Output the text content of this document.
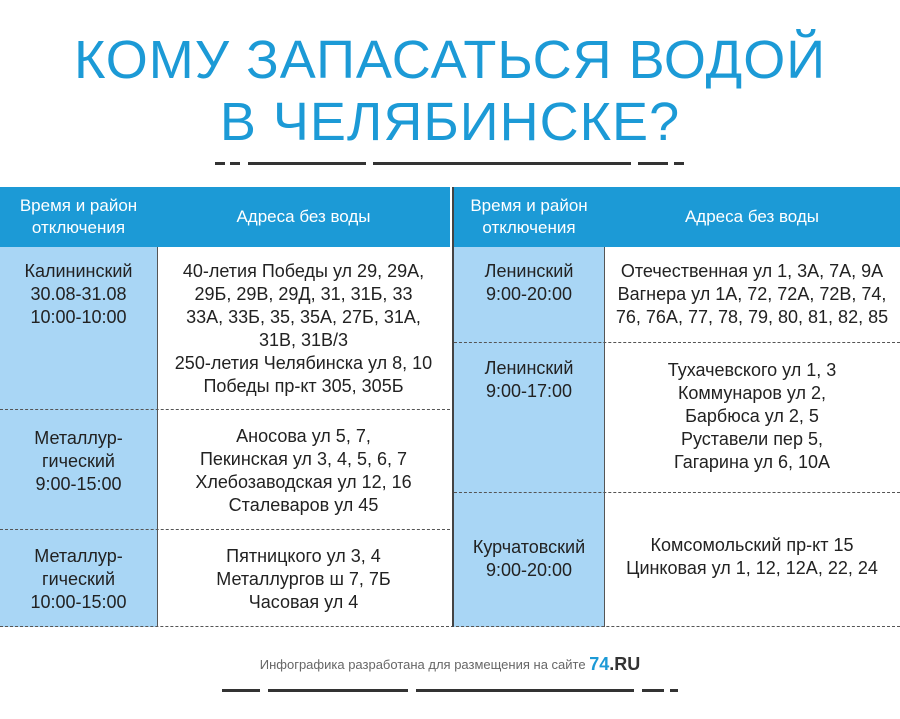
КОМУ ЗАПАСАТЬСЯ ВОДОЙ
В ЧЕЛЯБИНСКЕ?
Время и район отключения
Адреса без воды
Время и район отключения
Адреса без воды
Калининский
30.08-31.08
10:00-10:00
40-летия Победы ул 29, 29А,
29Б, 29В, 29Д, 31, 31Б, 33
33А, 33Б, 35, 35А, 27Б, 31А,
31В, 31В/3
250-летия Челябинска ул 8, 10
Победы пр-кт 305, 305Б
Металлур-
гический
9:00-15:00
Аносова ул 5, 7,
Пекинская ул 3, 4, 5, 6, 7
Хлебозаводская ул 12, 16
Сталеваров ул 45
Металлур-
гический
10:00-15:00
Пятницкого ул 3, 4
Металлургов ш 7, 7Б
Часовая ул 4
Ленинский
9:00-20:00
Отечественная ул 1, 3А, 7А, 9А
Вагнера ул 1А, 72, 72А, 72В, 74,
76, 76А, 77, 78, 79, 80, 81, 82, 85
Ленинский
9:00-17:00
Тухачевского ул 1, 3
Коммунаров ул 2,
Барбюса ул 2, 5
Руставели пер 5,
Гагарина ул 6, 10А
Курчатовский
9:00-20:00
Комсомольский пр-кт 15
Цинковая ул 1, 12, 12А, 22, 24
Инфографика разработана для размещения на сайте 74.RU
